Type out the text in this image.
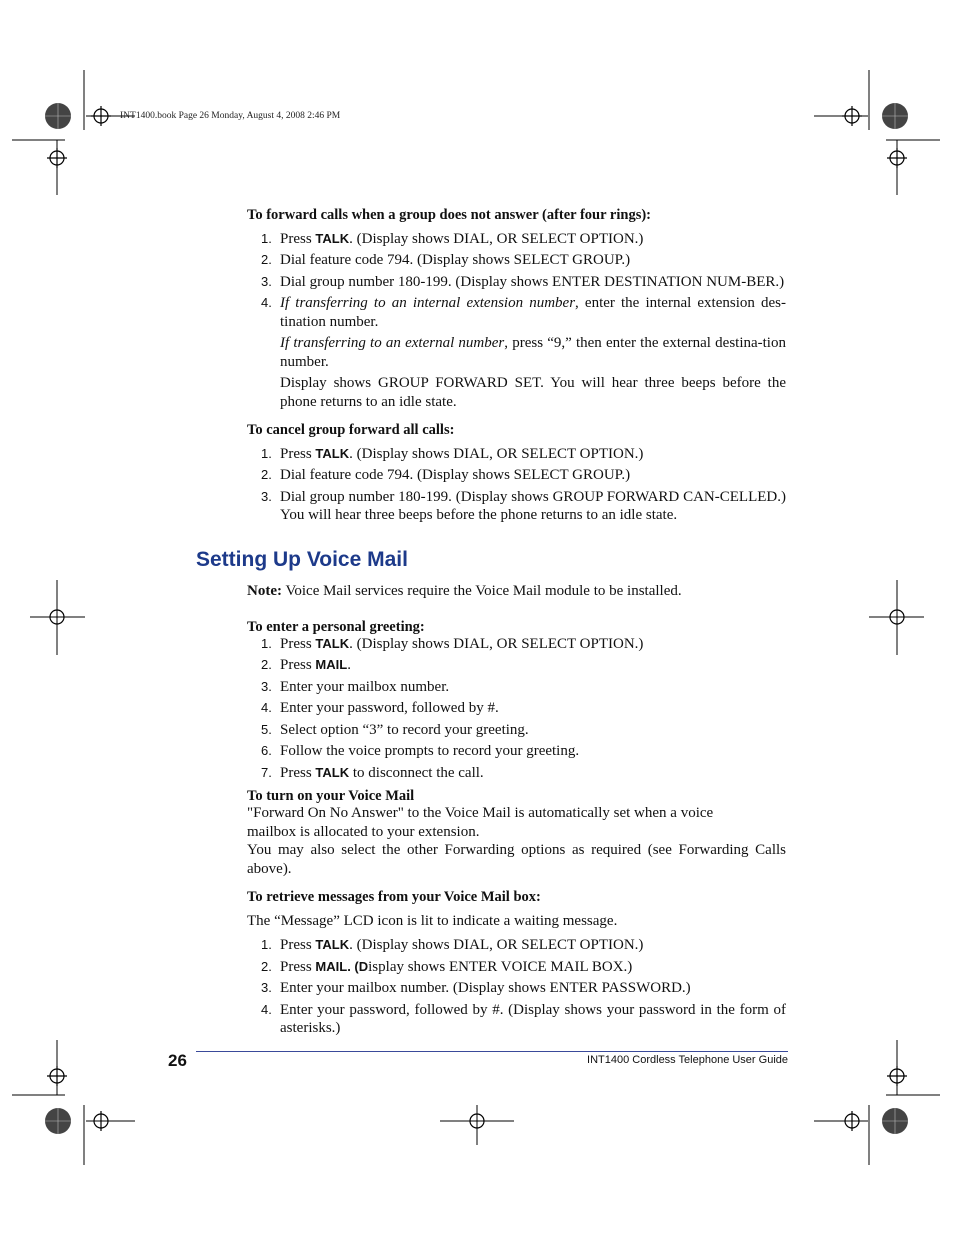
INT1400.book Page 26 Monday, August 4, 2008 2:46 PM

To forward calls when a group does not answer (after four rings):

1. Press TALK. (Display shows DIAL, OR SELECT OPTION.)
2. Dial feature code 794. (Display shows SELECT GROUP.)
3. Dial group number 180-199. (Display shows ENTER DESTINATION NUM-BER.)
4. If transferring to an internal extension number, enter the internal extension des-tination number.

If transferring to an external number, press “9,” then enter the external destina-tion number.

Display shows GROUP FORWARD SET. You will hear three beeps before the phone returns to an idle state.

To cancel group forward all calls:

1. Press TALK. (Display shows DIAL, OR SELECT OPTION.)
2. Dial feature code 794. (Display shows SELECT GROUP.)
3. Dial group number 180-199. (Display shows GROUP FORWARD CAN-CELLED.) You will hear three beeps before the phone returns to an idle state.
Setting Up Voice Mail

Note: Voice Mail services require the Voice Mail module to be installed.

To enter a personal greeting:

1. Press TALK. (Display shows DIAL, OR SELECT OPTION.)
2. Press MAIL.
3. Enter your mailbox number.
4. Enter your password, followed by #.
5. Select option “3” to record your greeting.
6. Follow the voice prompts to record your greeting.
7. Press TALK to disconnect the call.

To turn on your Voice Mail

"Forward On No Answer" to the Voice Mail is automatically set when a voice mailbox is allocated to your extension.

You may also select the other Forwarding options as required (see Forwarding Calls above).

To retrieve messages from your Voice Mail box:

The “Message” LCD icon is lit to indicate a waiting message.

1. Press TALK. (Display shows DIAL, OR SELECT OPTION.)
2. Press MAIL. (Display shows ENTER VOICE MAIL BOX.)
3. Enter your mailbox number. (Display shows ENTER PASSWORD.)
4. Enter your password, followed by #. (Display shows your password in the form of asterisks.)
26	INT1400 Cordless Telephone User Guide
